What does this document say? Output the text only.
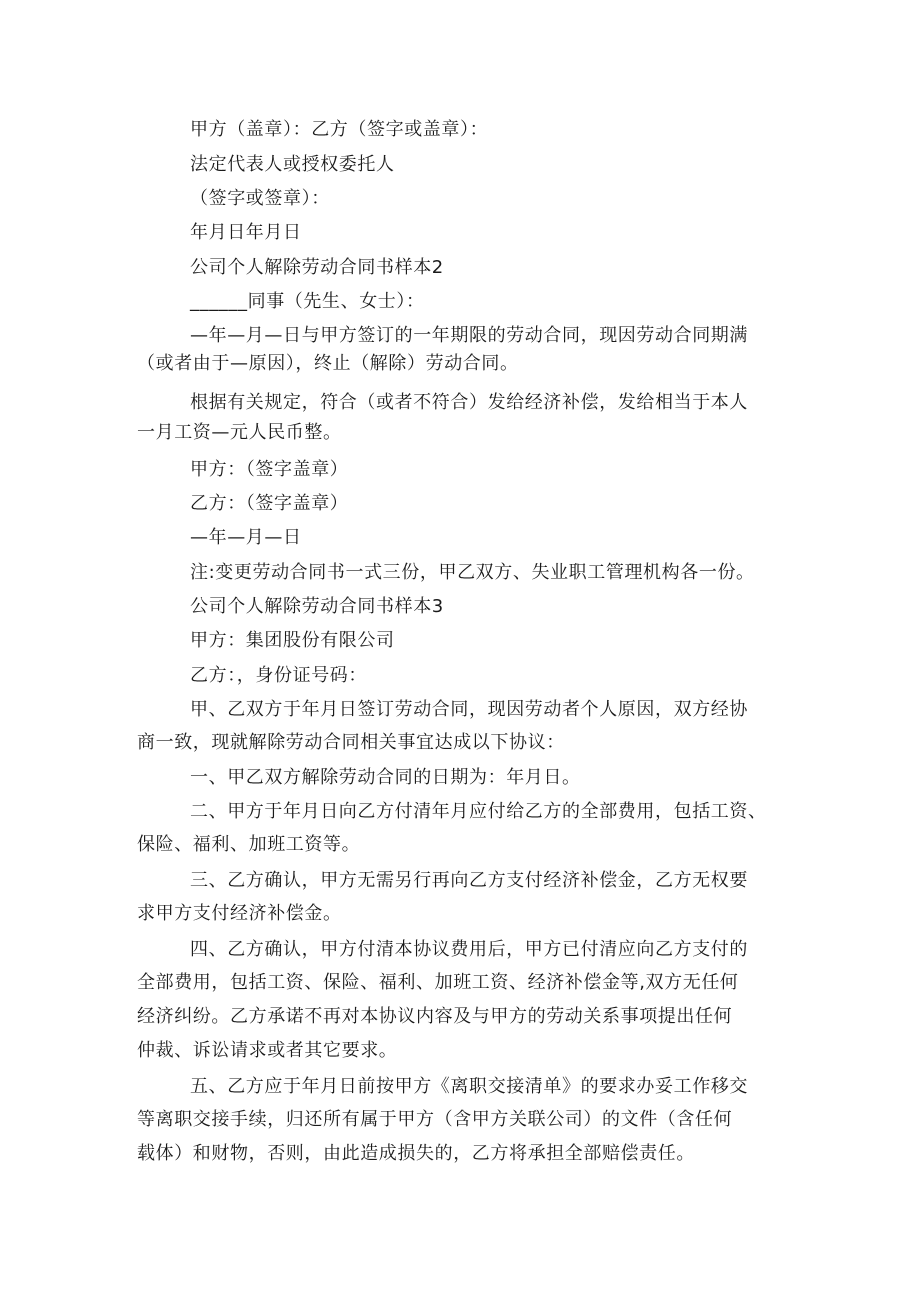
甲方（盖章）：乙方（签字或盖章）：
法定代表人或授权委托人
（签字或签章）：
年月日年月日
公司个人解除劳动合同书样本2
______同事（先生、女士）：
—年—月—日与甲方签订的一年期限的劳动合同，现因劳动合同期满
（或者由于—原因），终止（解除）劳动合同。
根据有关规定，符合（或者不符合）发给经济补偿，发给相当于本人
一月工资—元人民币整。
甲方：（签字盖章）
乙方：（签字盖章）
—年—月—日
注:变更劳动合同书一式三份，甲乙双方、失业职工管理机构各一份。
公司个人解除劳动合同书样本3
甲方：集团股份有限公司
乙方：，身份证号码：
甲、乙双方于年月日签订劳动合同，现因劳动者个人原因，双方经协
商一致，现就解除劳动合同相关事宜达成以下协议：
一、甲乙双方解除劳动合同的日期为：年月日。
二、甲方于年月日向乙方付清年月应付给乙方的全部费用，包括工资、
保险、福利、加班工资等。
三、乙方确认，甲方无需另行再向乙方支付经济补偿金，乙方无权要
求甲方支付经济补偿金。
四、乙方确认，甲方付清本协议费用后，甲方已付清应向乙方支付的
全部费用，包括工资、保险、福利、加班工资、经济补偿金等,双方无任何
经济纠纷。乙方承诺不再对本协议内容及与甲方的劳动关系事项提出任何
仲裁、诉讼请求或者其它要求。
五、乙方应于年月日前按甲方《离职交接清单》的要求办妥工作移交
等离职交接手续，归还所有属于甲方（含甲方关联公司）的文件（含任何
载体）和财物，否则，由此造成损失的，乙方将承担全部赔偿责任。
